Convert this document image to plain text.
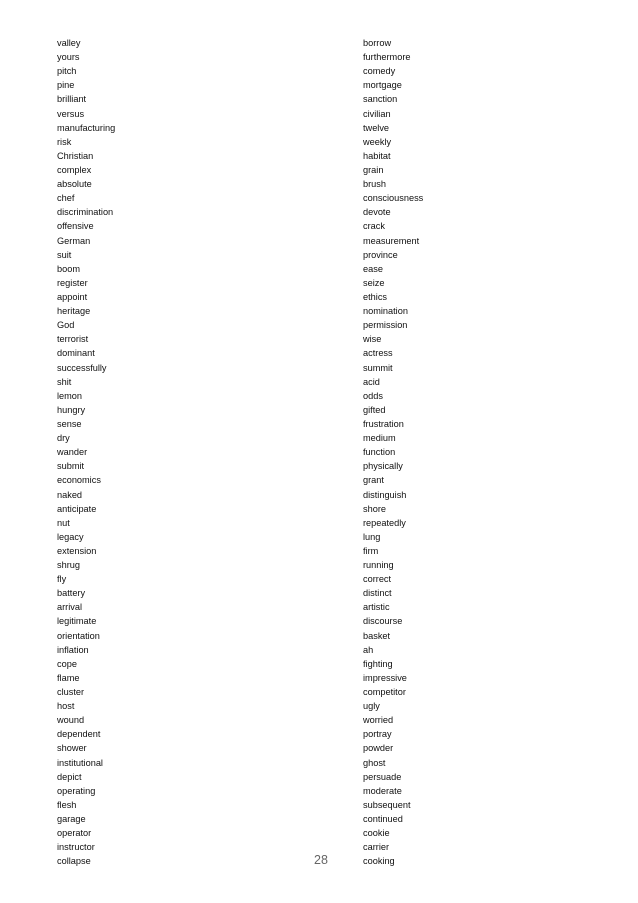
valley
yours
pitch
pine
brilliant
versus
manufacturing
risk
Christian
complex
absolute
chef
discrimination
offensive
German
suit
boom
register
appoint
heritage
God
terrorist
dominant
successfully
shit
lemon
hungry
sense
dry
wander
submit
economics
naked
anticipate
nut
legacy
extension
shrug
fly
battery
arrival
legitimate
orientation
inflation
cope
flame
cluster
host
wound
dependent
shower
institutional
depict
operating
flesh
garage
operator
instructor
collapse
borrow
furthermore
comedy
mortgage
sanction
civilian
twelve
weekly
habitat
grain
brush
consciousness
devote
crack
measurement
province
ease
seize
ethics
nomination
permission
wise
actress
summit
acid
odds
gifted
frustration
medium
function
physically
grant
distinguish
shore
repeatedly
lung
firm
running
correct
distinct
artistic
discourse
basket
ah
fighting
impressive
competitor
ugly
worried
portray
powder
ghost
persuade
moderate
subsequent
continued
cookie
carrier
cooking
28
